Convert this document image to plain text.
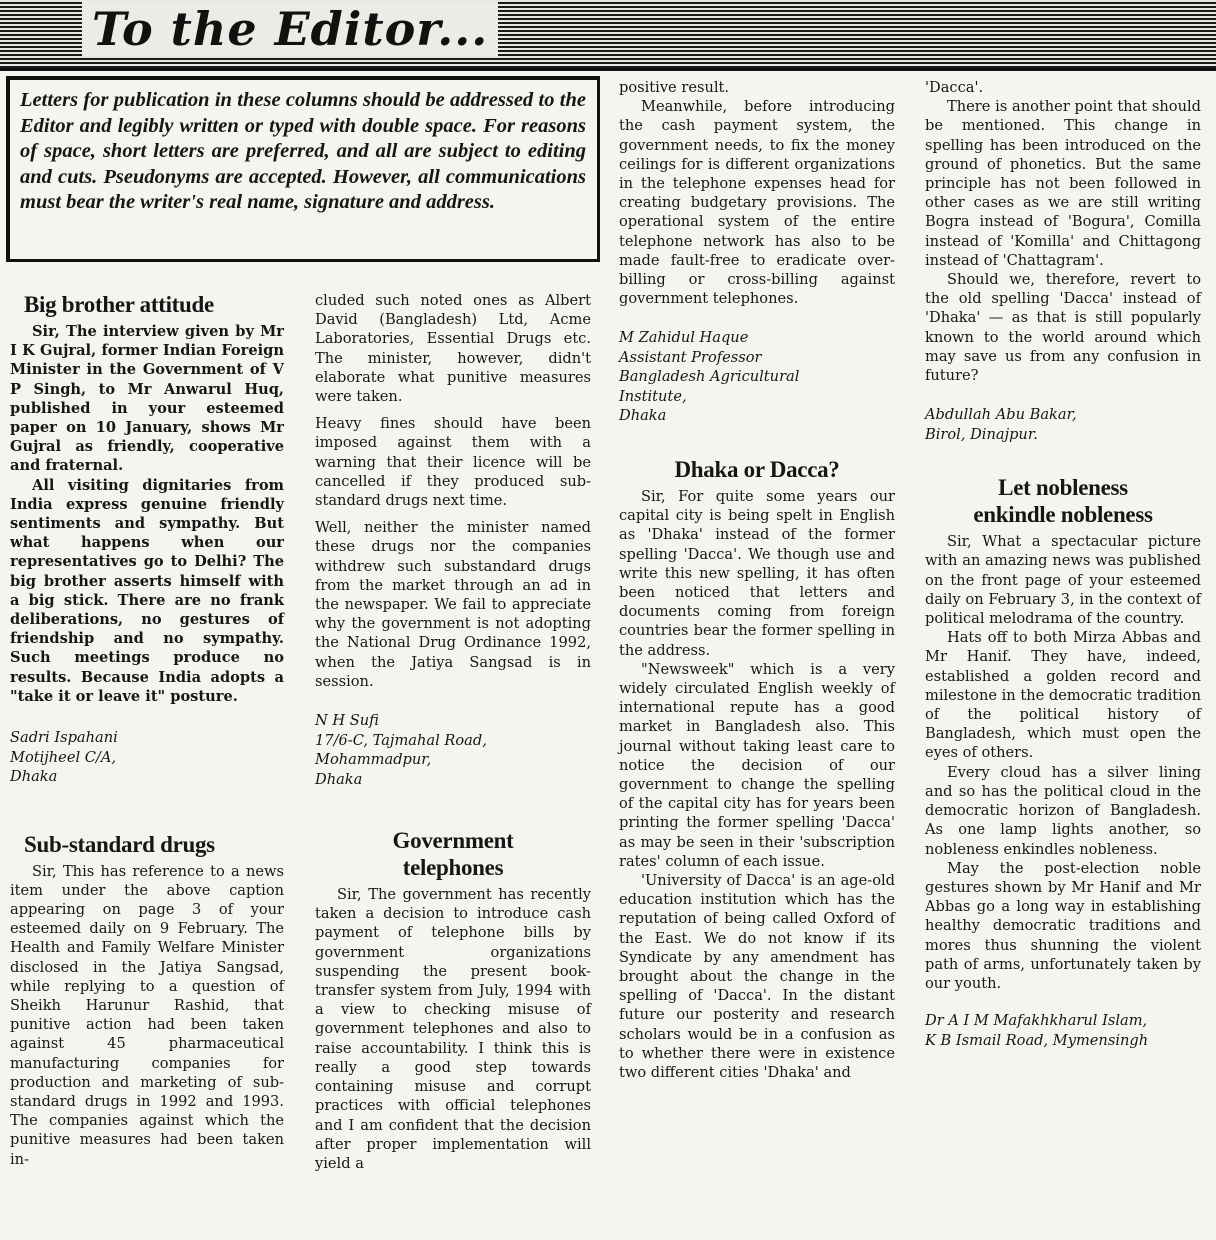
To the Editor...
Letters for publication in these columns should be addressed to the Editor and legibly written or typed with double space. For reasons of space, short letters are preferred, and all are subject to editing and cuts. Pseudonyms are accepted. However, all communications must bear the writer's real name, signature and address.
Big brother attitude

Sir, The interview given by Mr I K Gujral, former Indian Foreign Minister in the Government of V P Singh, to Mr Anwarul Huq, published in your esteemed paper on 10 January, shows Mr Gujral as friendly, cooperative and fraternal.

All visiting dignitaries from India express genuine friendly sentiments and sympathy. But what happens when our representatives go to Delhi? The big brother asserts himself with a big stick. There are no frank deliberations, no gestures of friendship and no sympathy. Such meetings produce no results. Because India adopts a "take it or leave it" posture.

Sadri Ispahani
Motijheel C/A,
Dhaka
Sub-standard drugs

Sir, This has reference to a news item under the above caption appearing on page 3 of your esteemed daily on 9 February. The Health and Family Welfare Minister disclosed in the Jatiya Sangsad, while replying to a question of Sheikh Harunur Rashid, that punitive action had been taken against 45 pharmaceutical manufacturing companies for production and marketing of sub-standard drugs in 1992 and 1993. The companies against which the punitive measures had been taken in-

cluded such noted ones as Albert David (Bangladesh) Ltd, Acme Laboratories, Essential Drugs etc. The minister, however, didn't elaborate what punitive measures were taken.

Heavy fines should have been imposed against them with a warning that their licence will be cancelled if they produced sub-standard drugs next time.

Well, neither the minister named these drugs nor the companies withdrew such substandard drugs from the market through an ad in the newspaper. We fail to appreciate why the government is not adopting the National Drug Ordinance 1992, when the Jatiya Sangsad is in session.

N H Sufi
17/6-C, Tajmahal Road,
Mohammadpur,
Dhaka
Government
telephones

Sir, The government has recently taken a decision to introduce cash payment of telephone bills by government organizations suspending the present book-transfer system from July, 1994 with a view to checking misuse of government telephones and also to raise accountability. I think this is really a good step towards containing misuse and corrupt practices with official telephones and I am confident that the decision after proper implementation will yield a

positive result.

Meanwhile, before introducing the cash payment system, the government needs, to fix the money ceilings for is different organizations in the telephone expenses head for creating budgetary provisions. The operational system of the entire telephone network has also to be made fault-free to eradicate over-billing or cross-billing against government telephones.

M Zahidul Haque
Assistant Professor
Bangladesh Agricultural
Institute,
Dhaka
Dhaka or Dacca?

Sir, For quite some years our capital city is being spelt in English as 'Dhaka' instead of the former spelling 'Dacca'. We though use and write this new spelling, it has often been noticed that letters and documents coming from foreign countries bear the former spelling in the address.

"Newsweek" which is a very widely circulated English weekly of international repute has a good market in Bangladesh also. This journal without taking least care to notice the decision of our government to change the spelling of the capital city has for years been printing the former spelling 'Dacca' as may be seen in their 'subscription rates' column of each issue.

'University of Dacca' is an age-old education institution which has the reputation of being called Oxford of the East. We do not know if its Syndicate by any amendment has brought about the change in the spelling of 'Dacca'. In the distant future our posterity and research scholars would be in a confusion as to whether there were in existence two different cities 'Dhaka' and

'Dacca'.

There is another point that should be mentioned. This change in spelling has been introduced on the ground of phonetics. But the same principle has not been followed in other cases as we are still writing Bogra instead of 'Bogura', Comilla instead of 'Komilla' and Chittagong instead of 'Chattagram'.

Should we, therefore, revert to the old spelling 'Dacca' instead of 'Dhaka' — as that is still popularly known to the world around which may save us from any confusion in future?

Abdullah Abu Bakar,
Birol, Dinajpur.
Let nobleness
enkindle nobleness

Sir, What a spectacular picture with an amazing news was published on the front page of your esteemed daily on February 3, in the context of political melodrama of the country.

Hats off to both Mirza Abbas and Mr Hanif. They have, indeed, established a golden record and milestone in the democratic tradition of the political history of Bangladesh, which must open the eyes of others.

Every cloud has a silver lining and so has the political cloud in the democratic horizon of Bangladesh. As one lamp lights another, so nobleness enkindles nobleness.

May the post-election noble gestures shown by Mr Hanif and Mr Abbas go a long way in establishing healthy democratic traditions and mores thus shunning the violent path of arms, unfortunately taken by our youth.

Dr A I M Mafakhkharul Islam,
K B Ismail Road, Mymensingh
